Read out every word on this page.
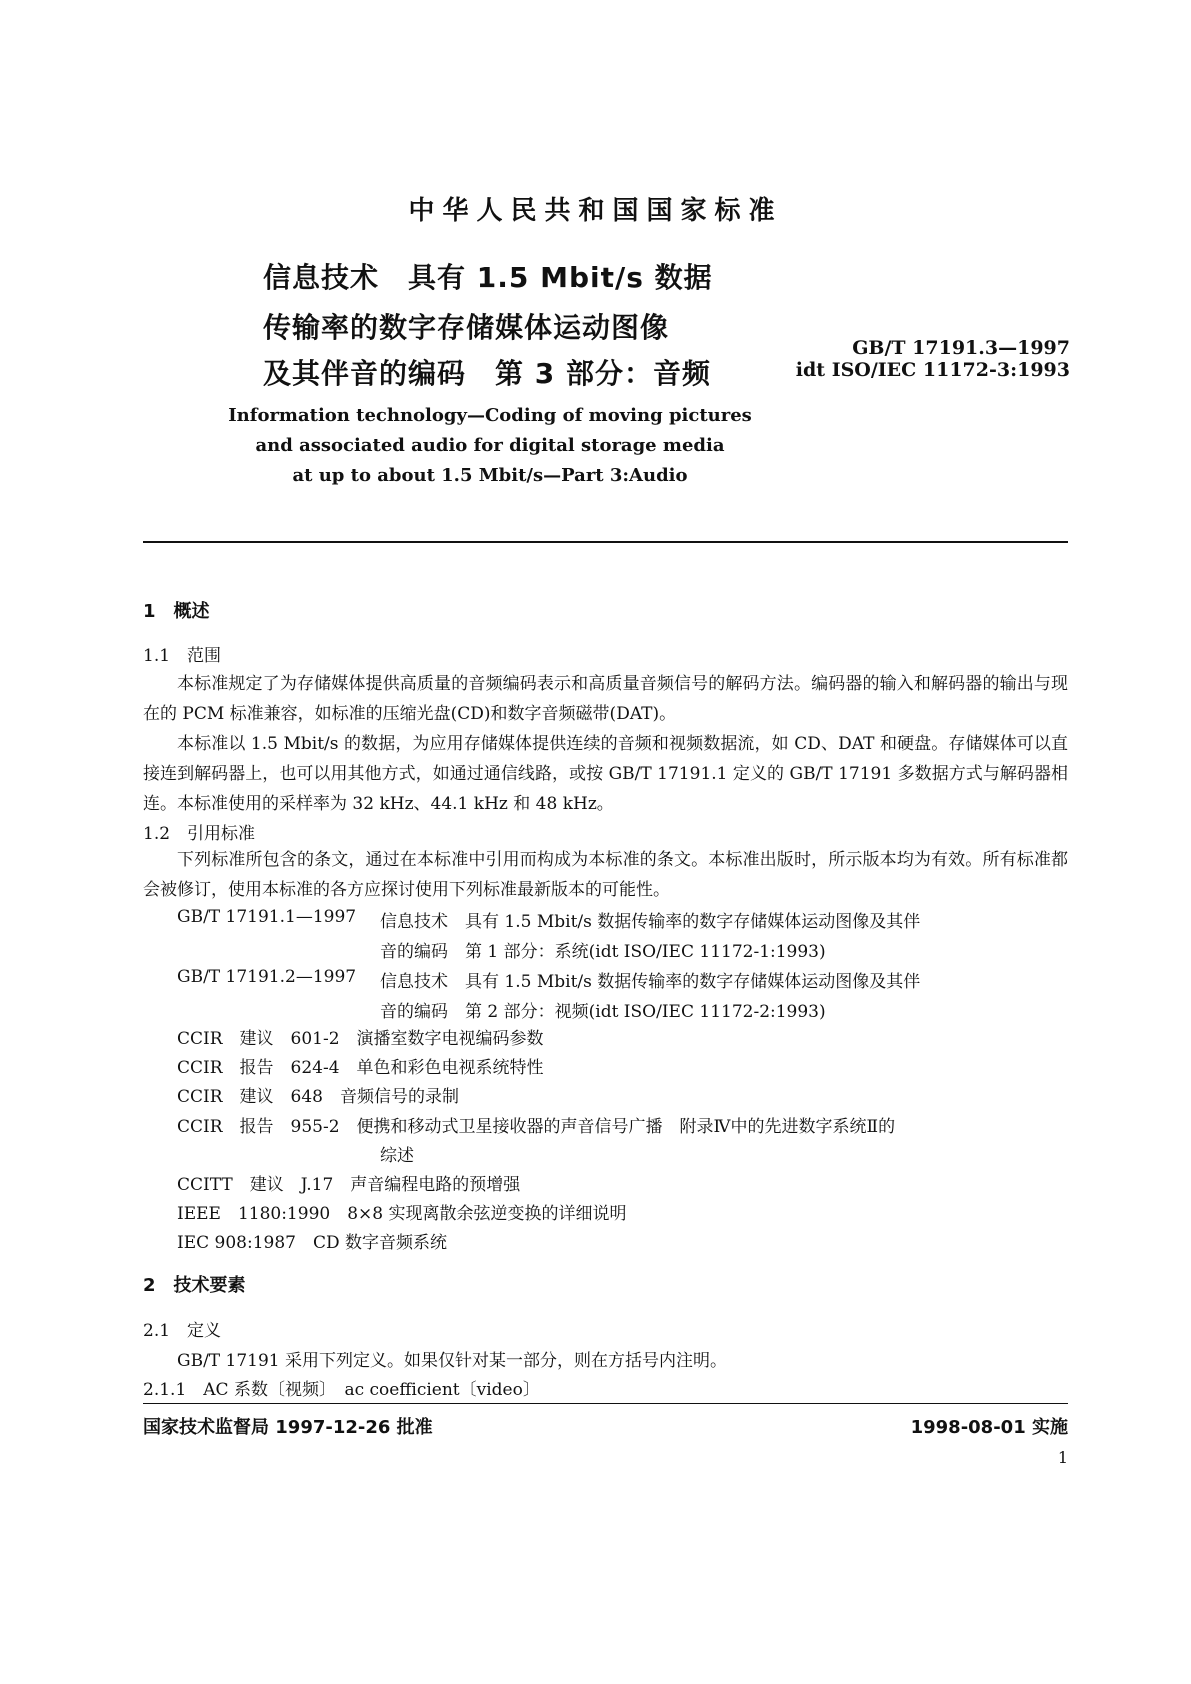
中华人民共和国国家标准
信息技术　具有 1.5 Mbit/s 数据
传输率的数字存储媒体运动图像
及其伴音的编码　第 3 部分：音频
GB/T 17191.3—1997
idt ISO/IEC 11172-3:1993
Information technology—Coding of moving pictures
and associated audio for digital storage media
at up to about 1.5 Mbit/s—Part 3:Audio
1　概述
1.1　范围
本标准规定了为存储媒体提供高质量的音频编码表示和高质量音频信号的解码方法。编码器的输入和解码器的输出与现在的 PCM 标准兼容，如标准的压缩光盘(CD)和数字音频磁带(DAT)。
本标准以 1.5 Mbit/s 的数据，为应用存储媒体提供连续的音频和视频数据流，如 CD、DAT 和硬盘。存储媒体可以直接连到解码器上，也可以用其他方式，如通过通信线路，或按 GB/T 17191.1 定义的 GB/T 17191 多数据方式与解码器相连。本标准使用的采样率为 32 kHz、44.1 kHz 和 48 kHz。
1.2　引用标准
下列标准所包含的条文，通过在本标准中引用而构成为本标准的条文。本标准出版时，所示版本均为有效。所有标准都会被修订，使用本标准的各方应探讨使用下列标准最新版本的可能性。
GB/T 17191.1—1997 信息技术　具有 1.5 Mbit/s 数据传输率的数字存储媒体运动图像及其伴
音的编码　第 1 部分：系统(idt ISO/IEC 11172-1:1993)
GB/T 17191.2—1997 信息技术　具有 1.5 Mbit/s 数据传输率的数字存储媒体运动图像及其伴
音的编码　第 2 部分：视频(idt ISO/IEC 11172-2:1993)
CCIR　建议　601-2　演播室数字电视编码参数
CCIR　报告　624-4　单色和彩色电视系统特性
CCIR　建议　648　音频信号的录制
CCIR　报告　955-2　便携和移动式卫星接收器的声音信号广播　附录Ⅳ中的先进数字系统Ⅱ的
综述
CCITT　建议　J.17　声音编程电路的预增强
IEEE　1180:1990　8×8 实现离散余弦逆变换的详细说明
IEC 908:1987　CD 数字音频系统
2　技术要素
2.1　定义
GB/T 17191 采用下列定义。如果仅针对某一部分，则在方括号内注明。
2.1.1　AC 系数〔视频〕　ac coefficient〔video〕
国家技术监督局 1997-12-26 批准	1998-08-01 实施
1
